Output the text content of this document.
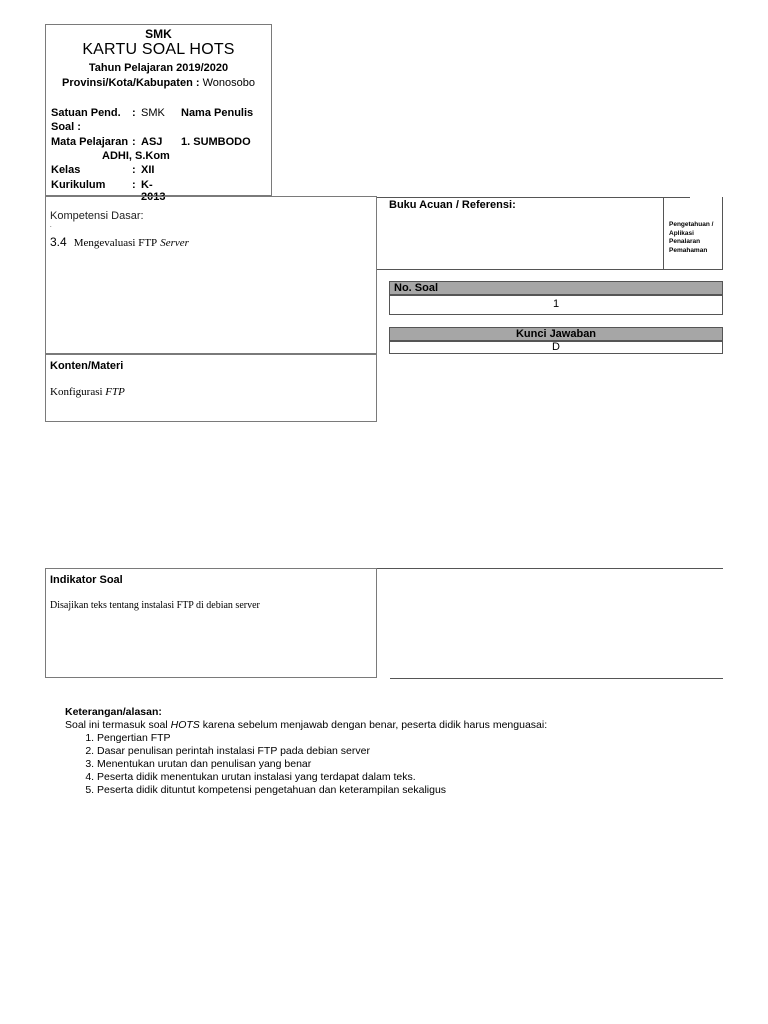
SMK
KARTU SOAL HOTS
Tahun Pelajaran 2019/2020
Provinsi/Kota/Kabupaten : Wonosobo
Satuan Pend. : SMK Nama Penulis
Soal :
Mata Pelajaran : ASJ 1. SUMBODO
ADHI, S.Kom
Kelas	: XII
Kurikulum : K-2013
Kompetensi Dasar:
.
3.4 Mengevaluasi FTP Server
Buku Acuan / Referensi:
Pengetahuan /
Aplikasi
Penalaran
Pemahaman
No. Soal
1
Kunci Jawaban
D
Konten/Materi
Konfigurasi FTP
Indikator Soal
Disajikan teks tentang instalasi FTP di debian server
Keterangan/alasan:
Soal ini termasuk soal HOTS karena sebelum menjawab dengan benar, peserta didik harus menguasai:
1. Pengertian FTP
2. Dasar penulisan perintah instalasi FTP pada debian server
3. Menentukan urutan dan penulisan yang benar
4. Peserta didik menentukan urutan instalasi yang terdapat dalam teks.
5. Peserta didik dituntut kompetensi pengetahuan dan keterampilan sekaligus
